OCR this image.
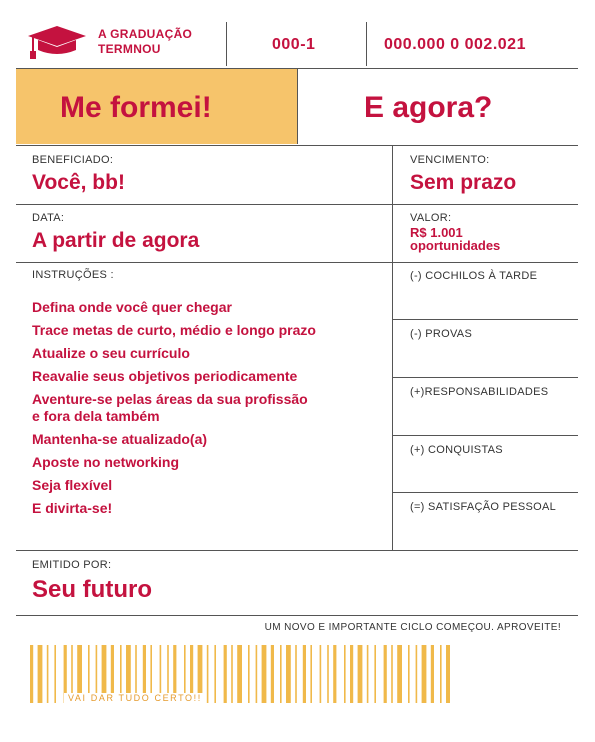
A GRADUAÇÃO
TERMNOU	000-1	000.000 0 002.021
Me formei!	E agora?
BENEFICIADO:
Você, bb!
VENCIMENTO:
Sem prazo
DATA:
A partir de agora
VALOR:
R$ 1.001
oportunidades
INSTRUÇÕES :
Defina onde você quer chegar
Trace metas de curto, médio e longo prazo
Atualize o seu currículo
Reavalie seus objetivos periodicamente
Aventure-se pelas áreas da sua profissão
e fora dela também
Mantenha-se atualizado(a)
Aposte no networking
Seja flexível
E divirta-se!
(-) COCHILOS À TARDE
(-) PROVAS
(+)RESPONSABILIDADES
(+) CONQUISTAS
(=) SATISFAÇÃO PESSOAL
EMITIDO POR:
Seu futuro
UM NOVO E IMPORTANTE CICLO COMEÇOU. APROVEITE!
VAI DAR TUDO CERTO!!
